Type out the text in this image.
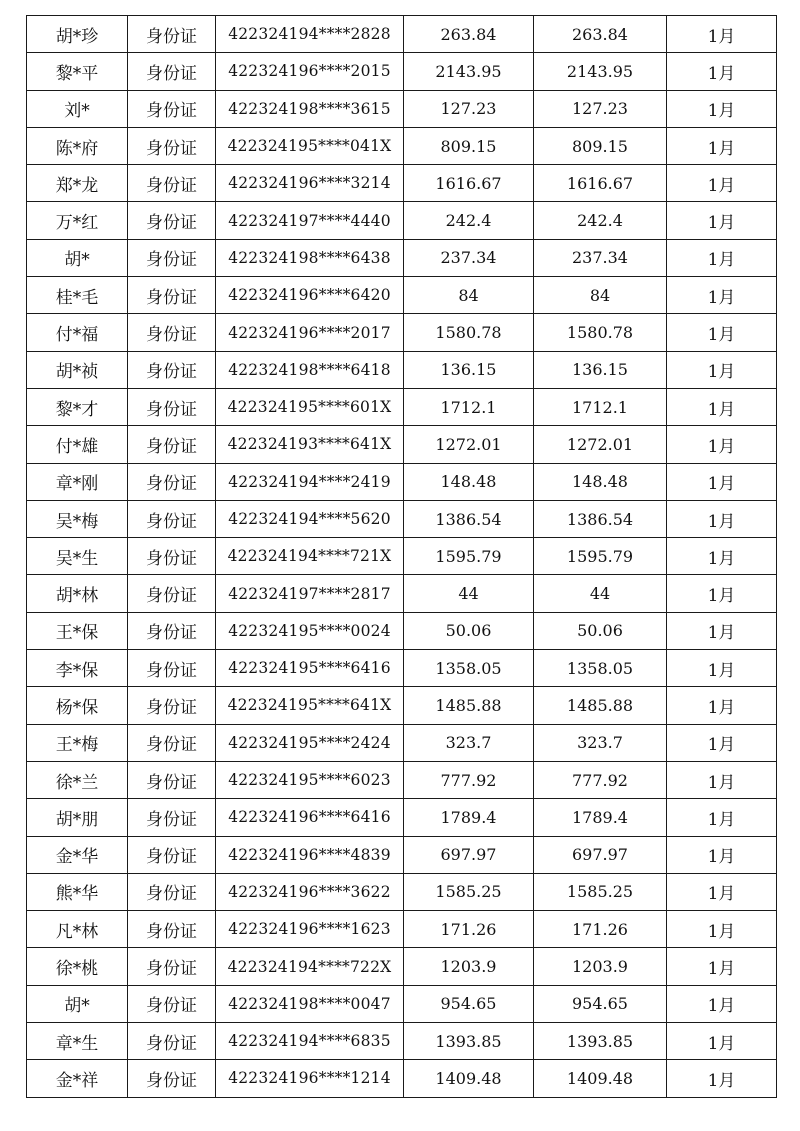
胡*珍	身份证	422324194****2828	263.84	263.84	1月
黎*平	身份证	422324196****2015	2143.95	2143.95	1月
刘*	身份证	422324198****3615	127.23	127.23	1月
陈*府	身份证	422324195****041X	809.15	809.15	1月
郑*龙	身份证	422324196****3214	1616.67	1616.67	1月
万*红	身份证	422324197****4440	242.4	242.4	1月
胡*	身份证	422324198****6438	237.34	237.34	1月
桂*毛	身份证	422324196****6420	84	84	1月
付*福	身份证	422324196****2017	1580.78	1580.78	1月
胡*祯	身份证	422324198****6418	136.15	136.15	1月
黎*才	身份证	422324195****601X	1712.1	1712.1	1月
付*雄	身份证	422324193****641X	1272.01	1272.01	1月
章*刚	身份证	422324194****2419	148.48	148.48	1月
吴*梅	身份证	422324194****5620	1386.54	1386.54	1月
吴*生	身份证	422324194****721X	1595.79	1595.79	1月
胡*林	身份证	422324197****2817	44	44	1月
王*保	身份证	422324195****0024	50.06	50.06	1月
李*保	身份证	422324195****6416	1358.05	1358.05	1月
杨*保	身份证	422324195****641X	1485.88	1485.88	1月
王*梅	身份证	422324195****2424	323.7	323.7	1月
徐*兰	身份证	422324195****6023	777.92	777.92	1月
胡*朋	身份证	422324196****6416	1789.4	1789.4	1月
金*华	身份证	422324196****4839	697.97	697.97	1月
熊*华	身份证	422324196****3622	1585.25	1585.25	1月
凡*林	身份证	422324196****1623	171.26	171.26	1月
徐*桃	身份证	422324194****722X	1203.9	1203.9	1月
胡*	身份证	422324198****0047	954.65	954.65	1月
章*生	身份证	422324194****6835	1393.85	1393.85	1月
金*祥	身份证	422324196****1214	1409.48	1409.48	1月
